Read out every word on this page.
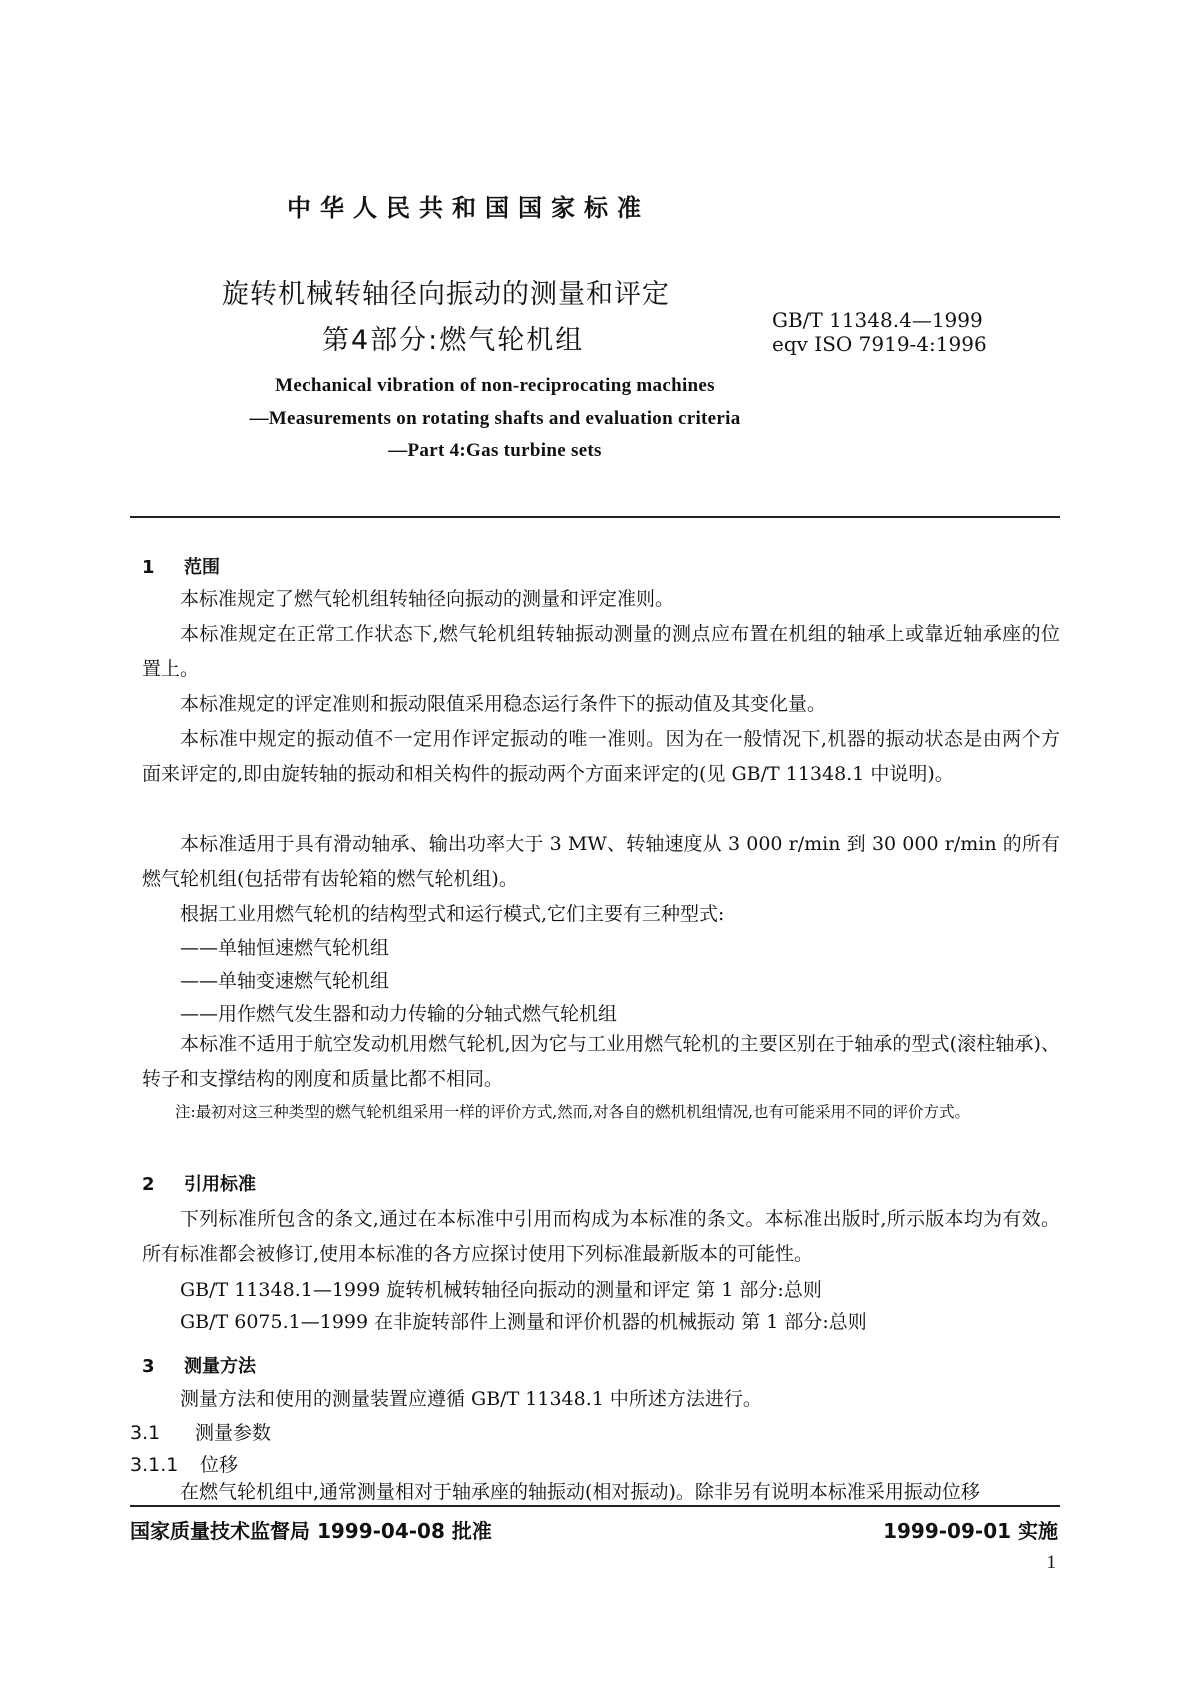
中华人民共和国国家标准
旋转机械转轴径向振动的测量和评定
第4部分:燃气轮机组
GB/T 11348.4—1999
eqv ISO 7919-4:1996
Mechanical vibration of non-reciprocating machines
—Measurements on rotating shafts and evaluation criteria
—Part 4:Gas turbine sets
1 范围
本标准规定了燃气轮机组转轴径向振动的测量和评定准则。
本标准规定在正常工作状态下,燃气轮机组转轴振动测量的测点应布置在机组的轴承上或靠近轴承座的位置上。
本标准规定的评定准则和振动限值采用稳态运行条件下的振动值及其变化量。
本标准中规定的振动值不一定用作评定振动的唯一准则。因为在一般情况下,机器的振动状态是由两个方面来评定的,即由旋转轴的振动和相关构件的振动两个方面来评定的(见 GB/T 11348.1 中说明)。
本标准适用于具有滑动轴承、输出功率大于 3 MW、转轴速度从 3 000 r/min 到 30 000 r/min 的所有燃气轮机组(包括带有齿轮箱的燃气轮机组)。
根据工业用燃气轮机的结构型式和运行模式,它们主要有三种型式:
——单轴恒速燃气轮机组
——单轴变速燃气轮机组
——用作燃气发生器和动力传输的分轴式燃气轮机组
本标准不适用于航空发动机用燃气轮机,因为它与工业用燃气轮机的主要区别在于轴承的型式(滚柱轴承)、转子和支撑结构的刚度和质量比都不相同。
注:最初对这三种类型的燃气轮机组采用一样的评价方式,然而,对各自的燃机机组情况,也有可能采用不同的评价方式。
2 引用标准
下列标准所包含的条文,通过在本标准中引用而构成为本标准的条文。本标准出版时,所示版本均为有效。所有标准都会被修订,使用本标准的各方应探讨使用下列标准最新版本的可能性。
GB/T 11348.1—1999 旋转机械转轴径向振动的测量和评定 第 1 部分:总则
GB/T 6075.1—1999 在非旋转部件上测量和评价机器的机械振动 第 1 部分:总则
3 测量方法
测量方法和使用的测量装置应遵循 GB/T 11348.1 中所述方法进行。
3.1 测量参数
3.1.1 位移
在燃气轮机组中,通常测量相对于轴承座的轴振动(相对振动)。除非另有说明本标准采用振动位移
国家质量技术监督局 1999-04-08 批准	1999-09-01 实施
1
